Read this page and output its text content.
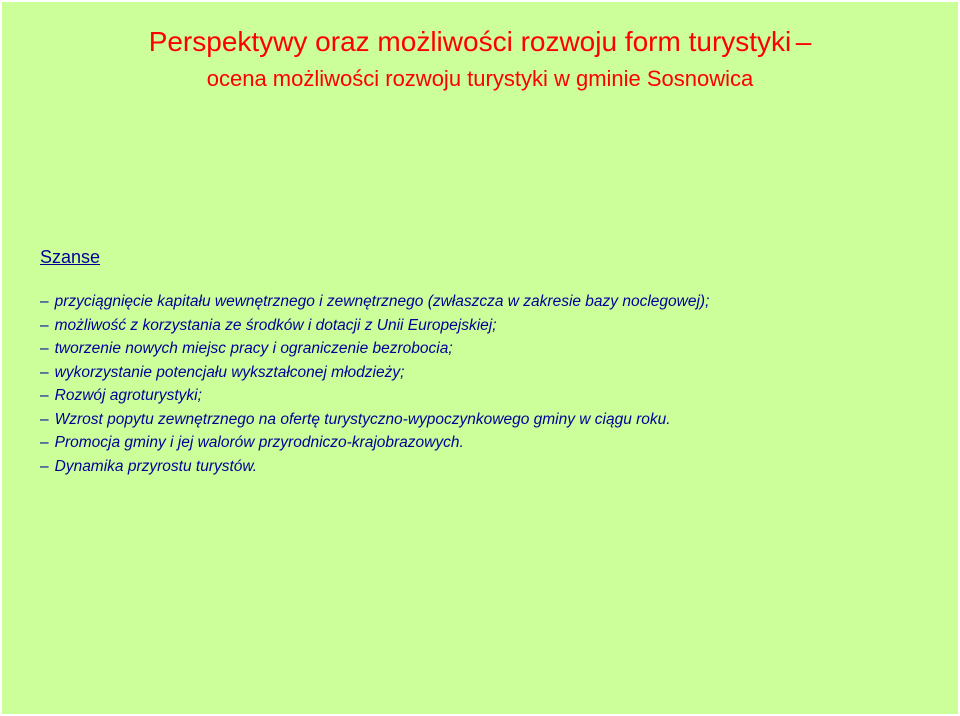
Perspektywy oraz możliwości rozwoju form turystyki –
ocena możliwości rozwoju turystyki w gminie Sosnowica
Szanse
– przyciągnięcie kapitału wewnętrznego i zewnętrznego (zwłaszcza w zakresie bazy noclegowej);
– możliwość z korzystania ze środków i dotacji z Unii Europejskiej;
– tworzenie nowych miejsc pracy i ograniczenie bezrobocia;
– wykorzystanie potencjału wykształconej młodzieży;
– Rozwój agroturystyki;
– Wzrost popytu zewnętrznego na ofertę turystyczno-wypoczynkowego gminy w ciągu roku.
– Promocja gminy i jej walorów przyrodniczo-krajobrazowych.
– Dynamika przyrostu turystów.
